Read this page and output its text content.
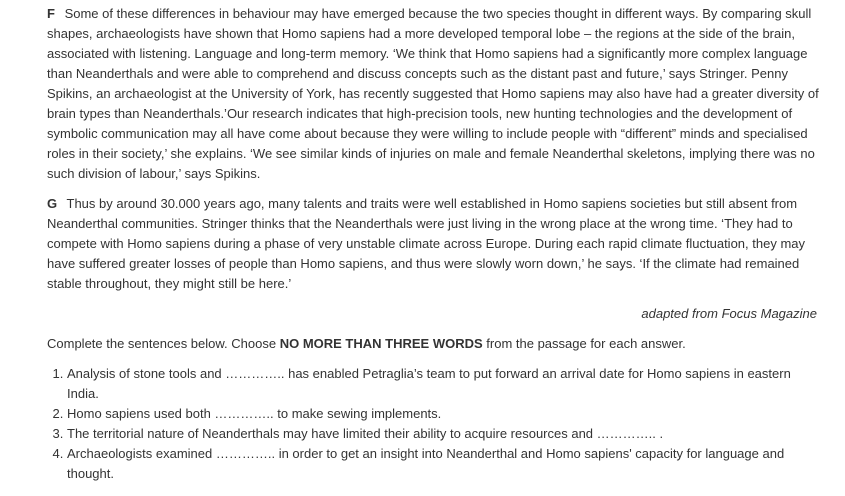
F Some of these differences in behaviour may have emerged because the two species thought in different ways. By comparing skull shapes, archaeologists have shown that Homo sapiens had a more developed temporal lobe – the regions at the side of the brain, associated with listening. Language and long-term memory. ‘We think that Homo sapiens had a significantly more complex language than Neanderthals and were able to comprehend and discuss concepts such as the distant past and future,’ says Stringer. Penny Spikins, an archaeologist at the University of York, has recently suggested that Homo sapiens may also have had a greater diversity of brain types than Neanderthals.’Our research indicates that high-precision tools, new hunting technologies and the development of symbolic communication may all have come about because they were willing to include people with “different” minds and specialised roles in their society,’ she explains. ‘We see similar kinds of injuries on male and female Neanderthal skeletons, implying there was no such division of labour,’ says Spikins.

G Thus by around 30.000 years ago, many talents and traits were well established in Homo sapiens societies but still absent from Neanderthal communities. Stringer thinks that the Neanderthals were just living in the wrong place at the wrong time. ‘They had to compete with Homo sapiens during a phase of very unstable climate across Europe. During each rapid climate fluctuation, they may have suffered greater losses of people than Homo sapiens, and thus were slowly worn down,’ he says. ‘If the climate had remained stable throughout, they might still be here.’

adapted from Focus Magazine

Complete the sentences below. Choose NO MORE THAN THREE WORDS from the passage for each answer.

1. Analysis of stone tools and ………….. has enabled Petraglia’s team to put forward an arrival date for Homo sapiens in eastern India.
2. Homo sapiens used both ………….. to make sewing implements.
3. The territorial nature of Neanderthals may have limited their ability to acquire resources and ………….. .
4. Archaeologists examined ………….. in order to get an insight into Neanderthal and Homo sapiens' capacity for language and thought.
